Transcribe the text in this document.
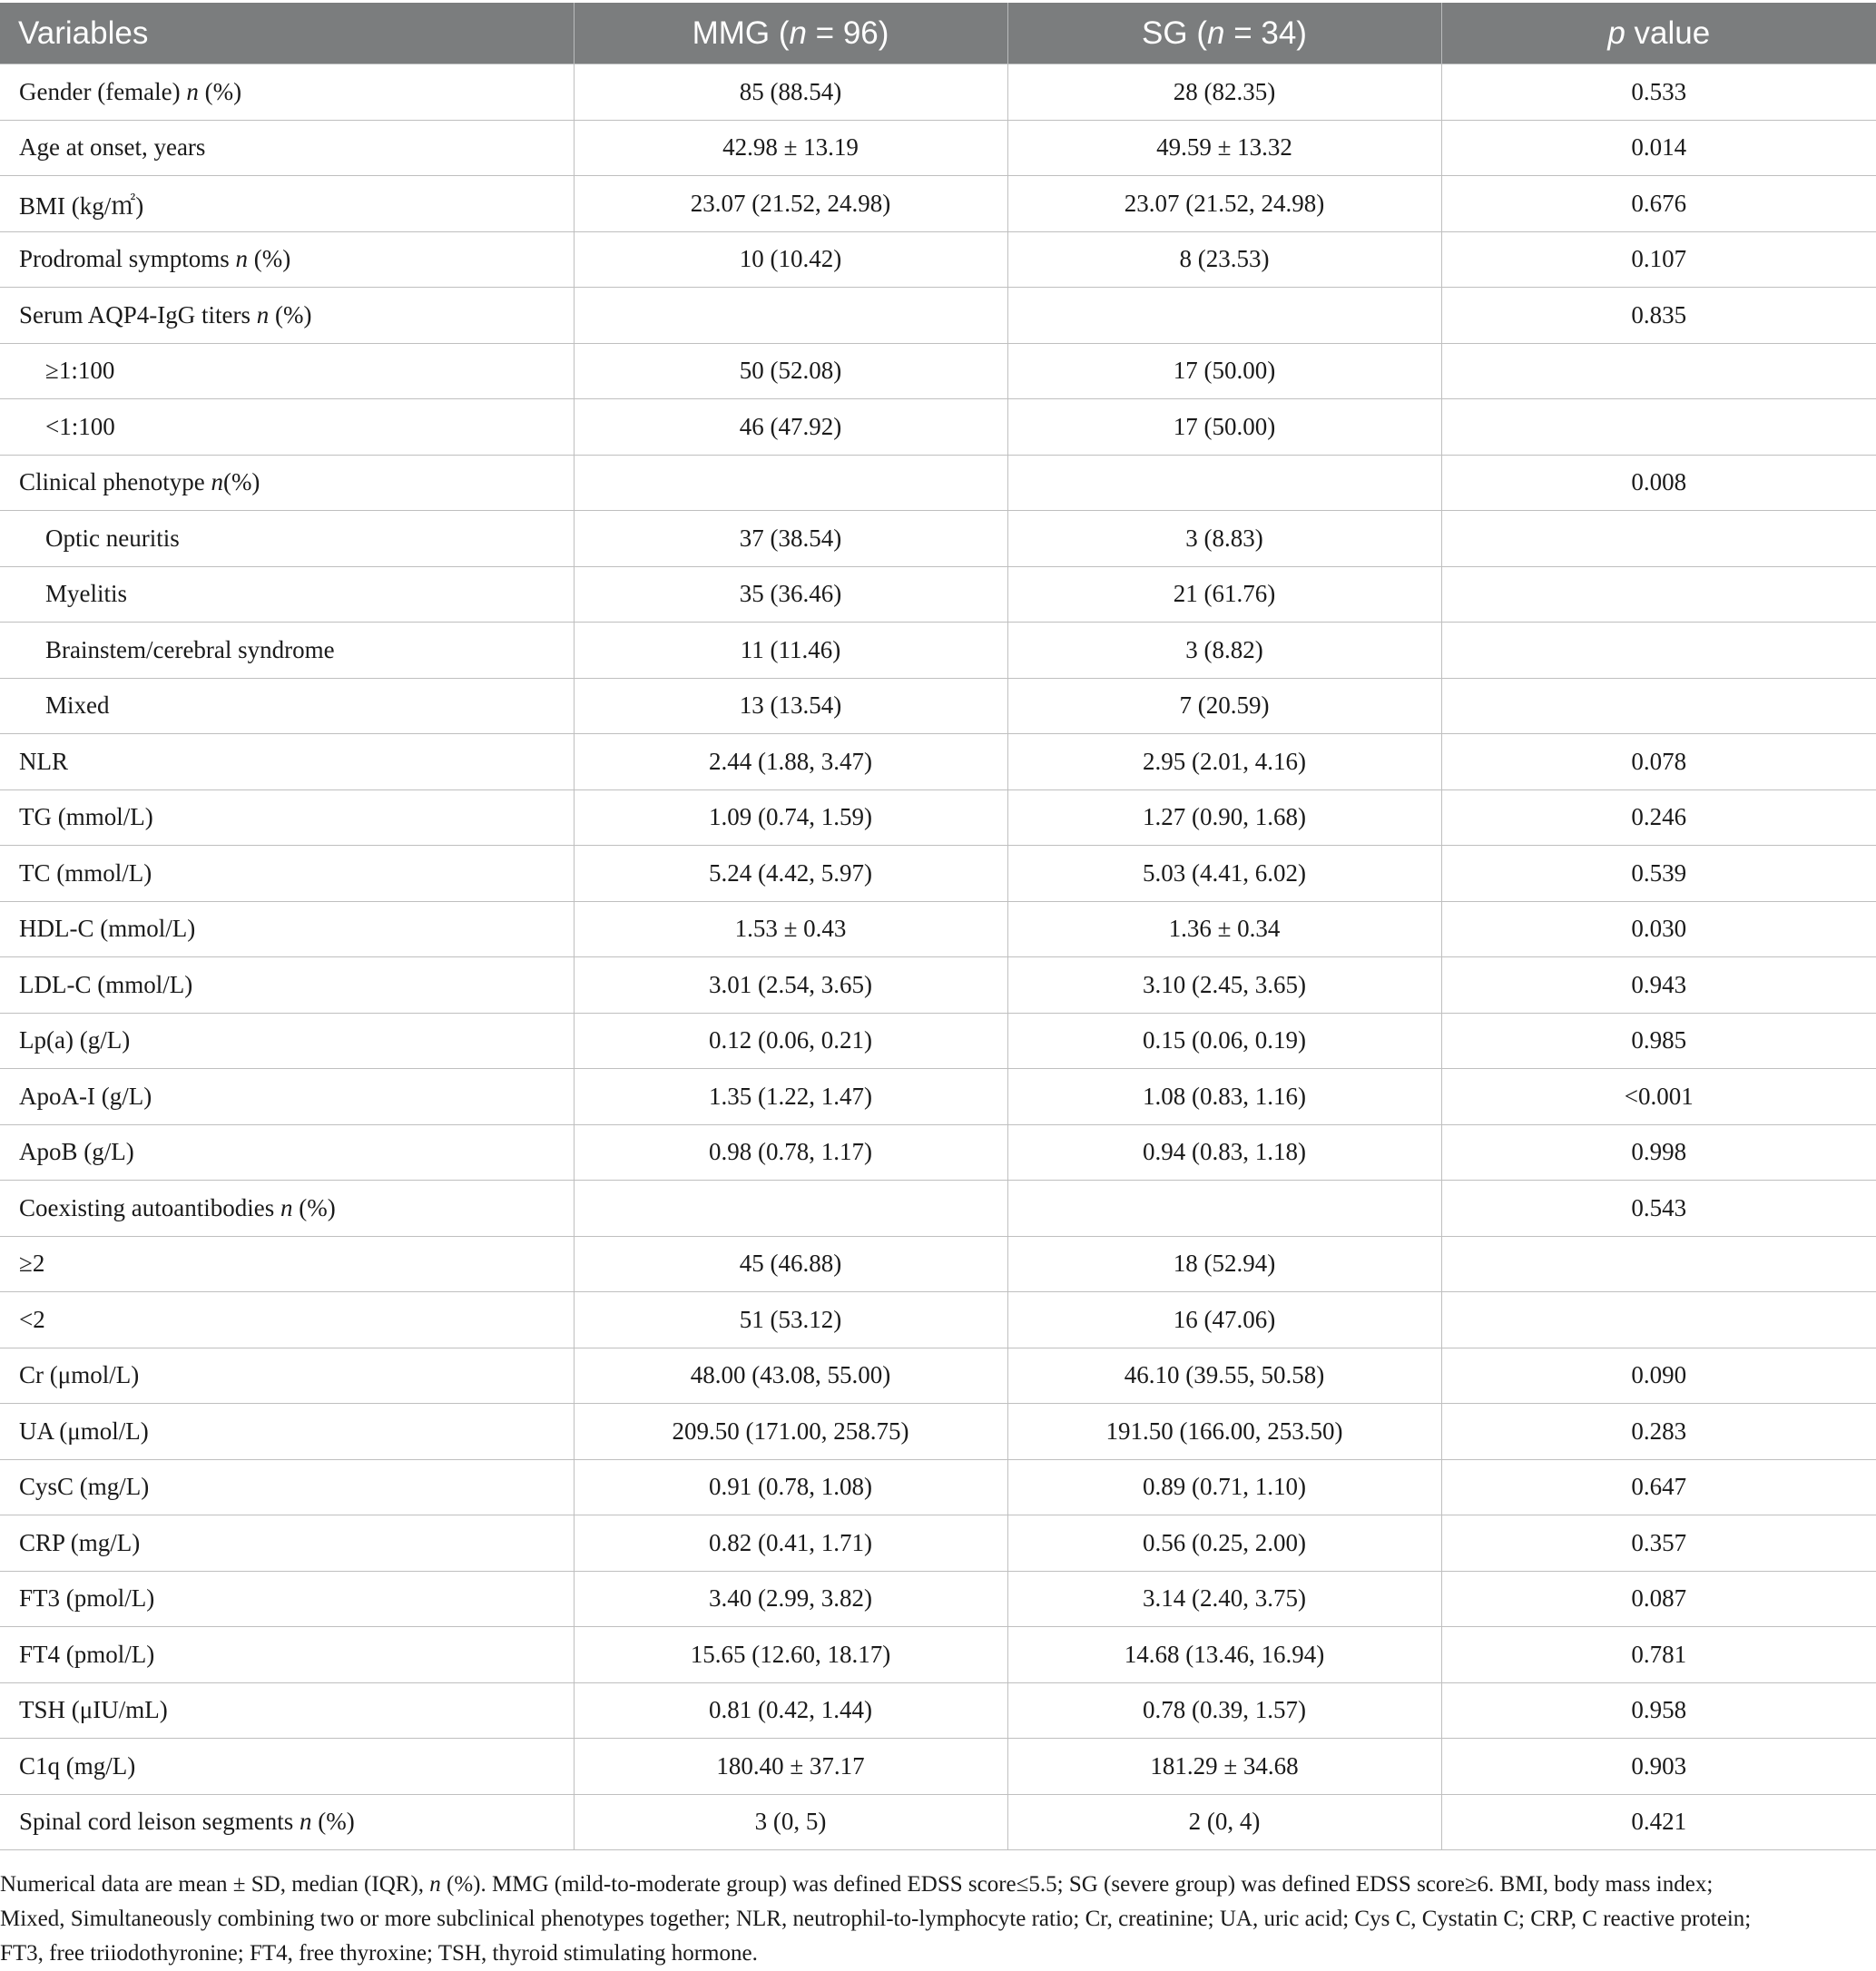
Variables	MMG (n = 96)	SG (n = 34)	p value
Gender (female) n (%)	85 (88.54)	28 (82.35)	0.533
Age at onset, years	42.98 ± 13.19	49.59 ± 13.32	0.014
BMI (kg/㎡)	23.07 (21.52, 24.98)	23.07 (21.52, 24.98)	0.676
Prodromal symptoms n (%)	10 (10.42)	8 (23.53)	0.107
Serum AQP4-IgG titers n (%)			0.835
≥1:100	50 (52.08)	17 (50.00)	
<1:100	46 (47.92)	17 (50.00)	
Clinical phenotype n(%)			0.008
Optic neuritis	37 (38.54)	3 (8.83)	
Myelitis	35 (36.46)	21 (61.76)	
Brainstem/cerebral syndrome	11 (11.46)	3 (8.82)	
Mixed	13 (13.54)	7 (20.59)	
NLR	2.44 (1.88, 3.47)	2.95 (2.01, 4.16)	0.078
TG (mmol/L)	1.09 (0.74, 1.59)	1.27 (0.90, 1.68)	0.246
TC (mmol/L)	5.24 (4.42, 5.97)	5.03 (4.41, 6.02)	0.539
HDL-C (mmol/L)	1.53 ± 0.43	1.36 ± 0.34	0.030
LDL-C (mmol/L)	3.01 (2.54, 3.65)	3.10 (2.45, 3.65)	0.943
Lp(a) (g/L)	0.12 (0.06, 0.21)	0.15 (0.06, 0.19)	0.985
ApoA-I (g/L)	1.35 (1.22, 1.47)	1.08 (0.83, 1.16)	<0.001
ApoB (g/L)	0.98 (0.78, 1.17)	0.94 (0.83, 1.18)	0.998
Coexisting autoantibodies n (%)			0.543
≥2	45 (46.88)	18 (52.94)	
<2	51 (53.12)	16 (47.06)	
Cr (μmol/L)	48.00 (43.08, 55.00)	46.10 (39.55, 50.58)	0.090
UA (μmol/L)	209.50 (171.00, 258.75)	191.50 (166.00, 253.50)	0.283
CysC (mg/L)	0.91 (0.78, 1.08)	0.89 (0.71, 1.10)	0.647
CRP (mg/L)	0.82 (0.41, 1.71)	0.56 (0.25, 2.00)	0.357
FT3 (pmol/L)	3.40 (2.99, 3.82)	3.14 (2.40, 3.75)	0.087
FT4 (pmol/L)	15.65 (12.60, 18.17)	14.68 (13.46, 16.94)	0.781
TSH (μIU/mL)	0.81 (0.42, 1.44)	0.78 (0.39, 1.57)	0.958
C1q (mg/L)	180.40 ± 37.17	181.29 ± 34.68	0.903
Spinal cord leison segments n (%)	3 (0, 5)	2 (0, 4)	0.421

Numerical data are mean ± SD, median (IQR), n (%). MMG (mild-to-moderate group) was defined EDSS score≤5.5; SG (severe group) was defined EDSS score≥6. BMI, body mass index;

Mixed, Simultaneously combining two or more subclinical phenotypes together; NLR, neutrophil-to-lymphocyte ratio; Cr, creatinine; UA, uric acid; Cys C, Cystatin C; CRP, C reactive protein;

FT3, free triiodothyronine; FT4, free thyroxine; TSH, thyroid stimulating hormone.
